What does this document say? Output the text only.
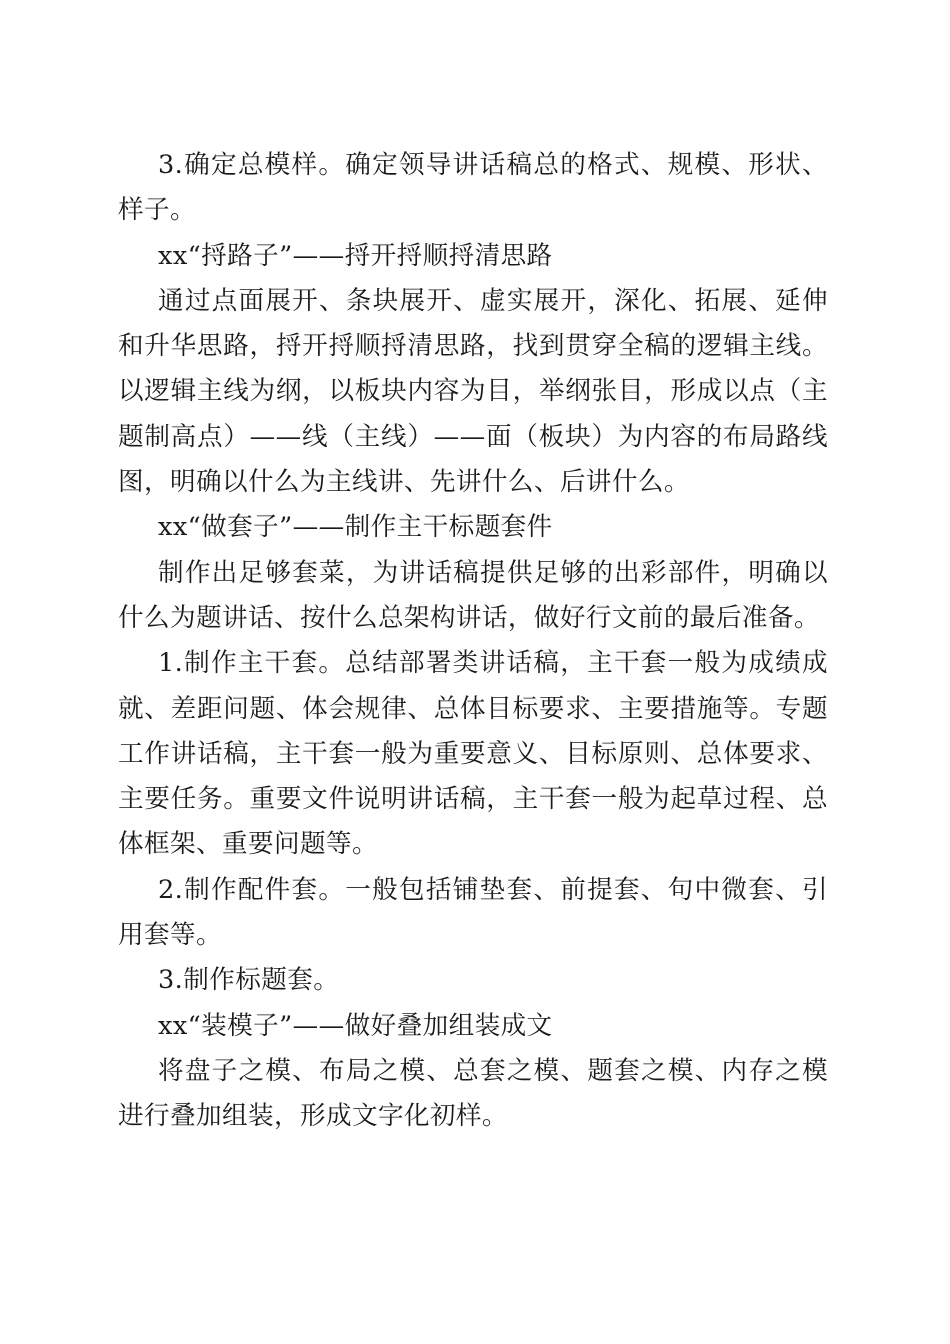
3.确定总模样。确定领导讲话稿总的格式、规模、形状、样子。

xx“捋路子”——捋开捋顺捋清思路

通过点面展开、条块展开、虚实展开，深化、拓展、延伸和升华思路，捋开捋顺捋清思路，找到贯穿全稿的逻辑主线。以逻辑主线为纲，以板块内容为目，举纲张目，形成以点（主题制高点）——线（主线）——面（板块）为内容的布局路线图，明确以什么为主线讲、先讲什么、后讲什么。

xx“做套子”——制作主干标题套件

制作出足够套菜，为讲话稿提供足够的出彩部件，明确以什么为题讲话、按什么总架构讲话，做好行文前的最后准备。

1.制作主干套。总结部署类讲话稿，主干套一般为成绩成就、差距问题、体会规律、总体目标要求、主要措施等。专题工作讲话稿，主干套一般为重要意义、目标原则、总体要求、主要任务。重要文件说明讲话稿，主干套一般为起草过程、总体框架、重要问题等。

2.制作配件套。一般包括铺垫套、前提套、句中微套、引用套等。

3.制作标题套。

xx“装模子”——做好叠加组装成文

将盘子之模、布局之模、总套之模、题套之模、内存之模进行叠加组装，形成文字化初样。
